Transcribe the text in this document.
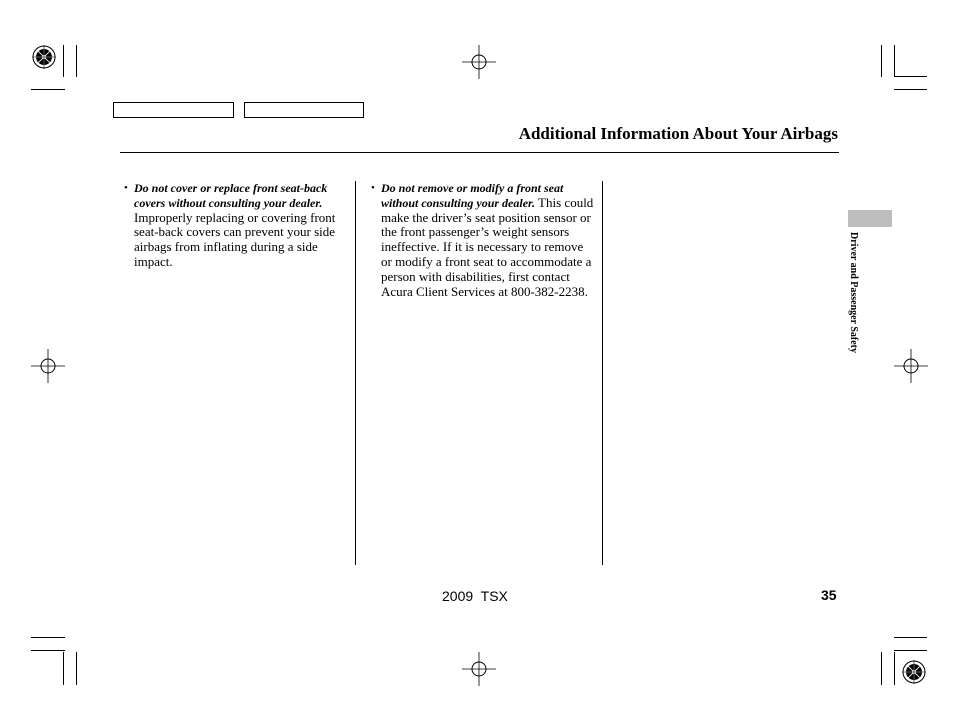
Additional Information About Your Airbags
• Do not cover or replace front seat-back covers without consulting your dealer. Improperly replacing or covering front seat-back covers can prevent your side airbags from inflating during a side impact.
• Do not remove or modify a front seat without consulting your dealer. This could make the driver’s seat position sensor or the front passenger’s weight sensors ineffective. If it is necessary to remove or modify a front seat to accommodate a person with disabilities, first contact Acura Client Services at 800-382-2238.	Driver and Passenger Safety
2009  TSX	35
